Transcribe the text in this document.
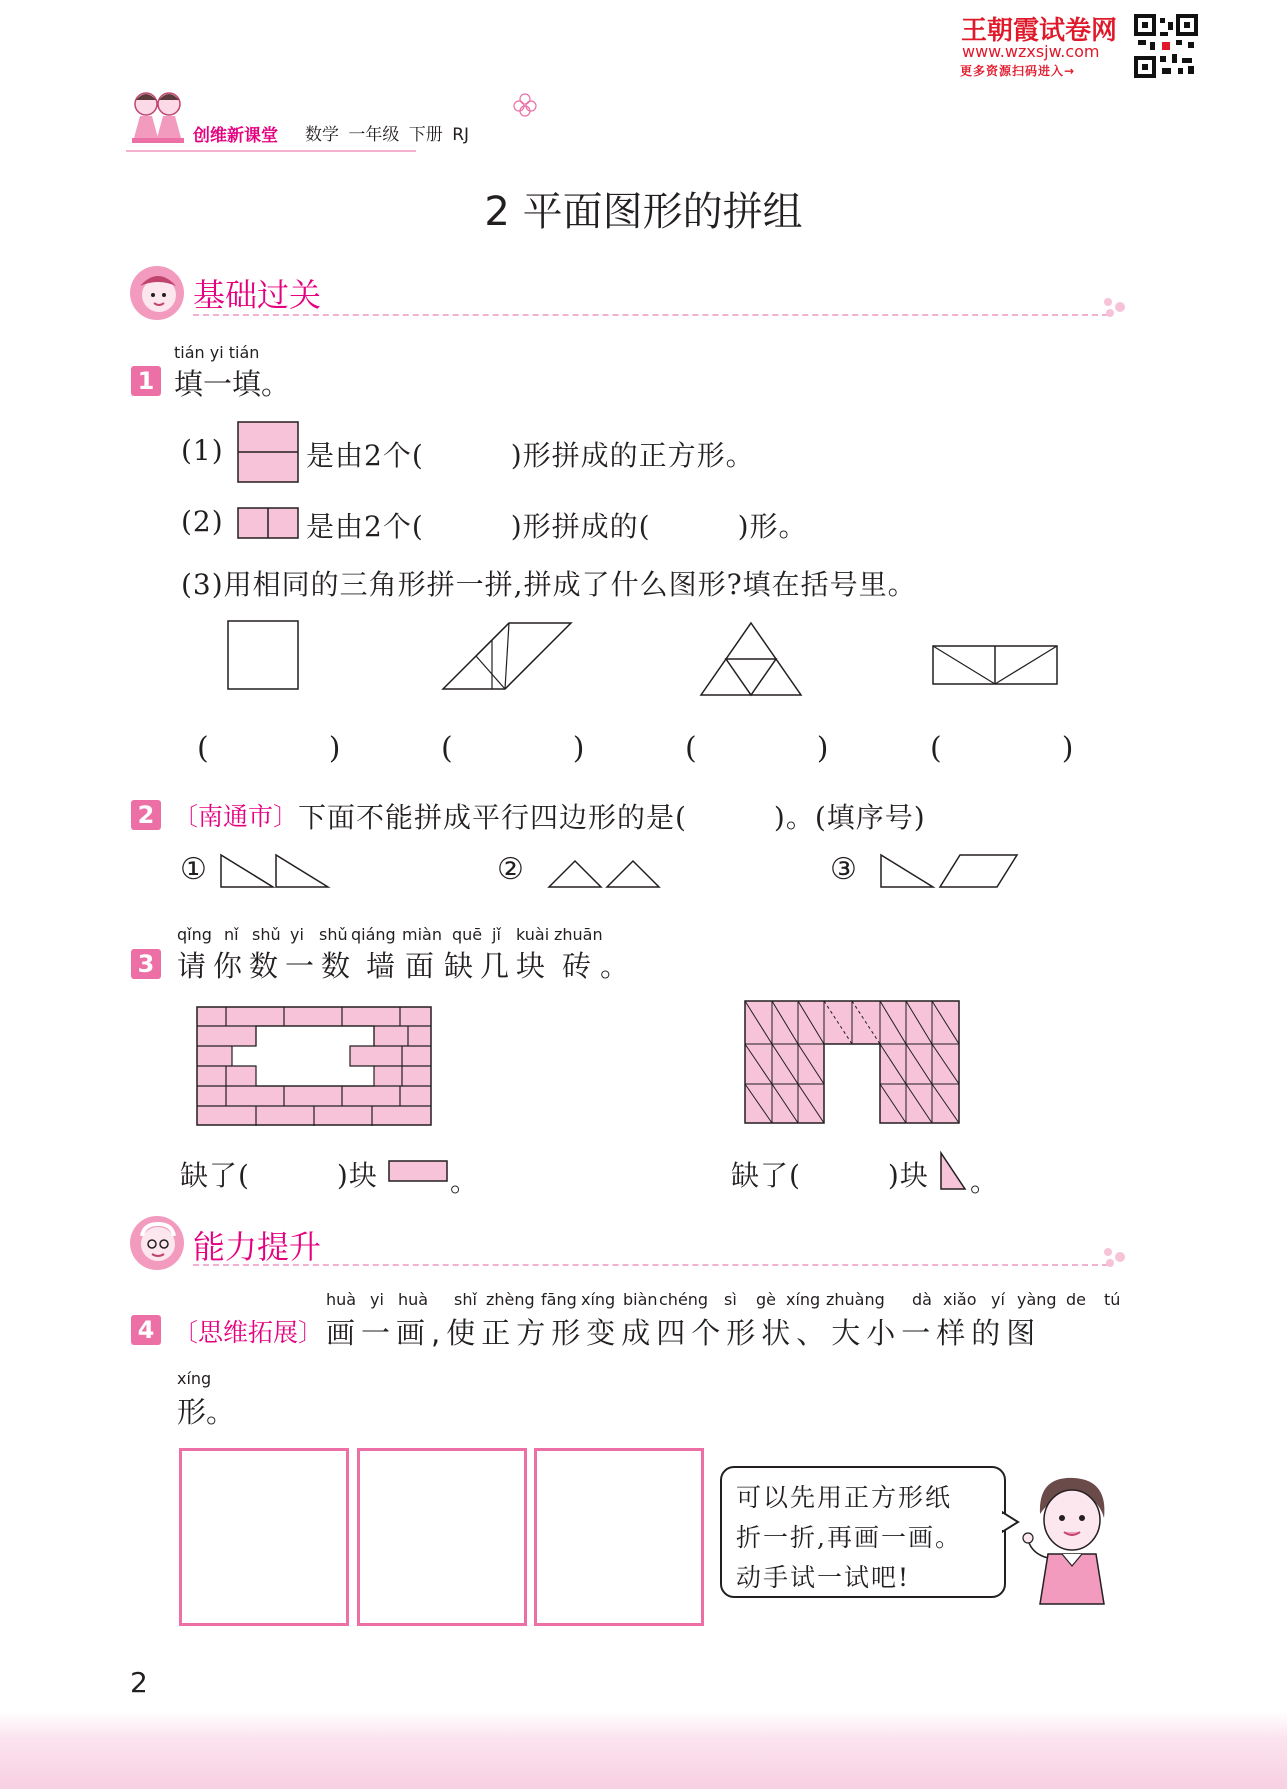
王朝霞试卷网
www.wzxsjw.com
更多资源扫码进入→
创维新课堂 数学 一年级 下册 RJ
2 平面图形的拼组
基础过关
tián yi tián
1 填一填。
(1)	是由2个(　　　)形拼成的正方形。
(2)	是由2个(　　　)形拼成的(　　　)形。
(3)用相同的三角形拼一拼,拼成了什么图形?填在括号里。
(　　　　)	(　　　　)	(　　　　)	(　　　　)
2 〔南通市〕 下面不能拼成平行四边形的是(　　　)。(填序号)
①	②	③
qǐng nǐ shǔ yi shǔ qiáng miàn quē jǐ kuài zhuān
3 请 你 数 一 数 墙 面 缺 几 块 砖 。
缺了(　　　)块	。	缺了(　　　)块 。
能力提升
huà yi huà shǐ zhèng fāng xíng biàn chéng sì gè xíng zhuàng dà xiǎo yí yàng de tú
4 〔思维拓展〕 画一画,使正方形变成四个形状、大小一样的图
xíng
形。
可以先用正方形纸
折一折,再画一画。
动手试一试吧!
2
